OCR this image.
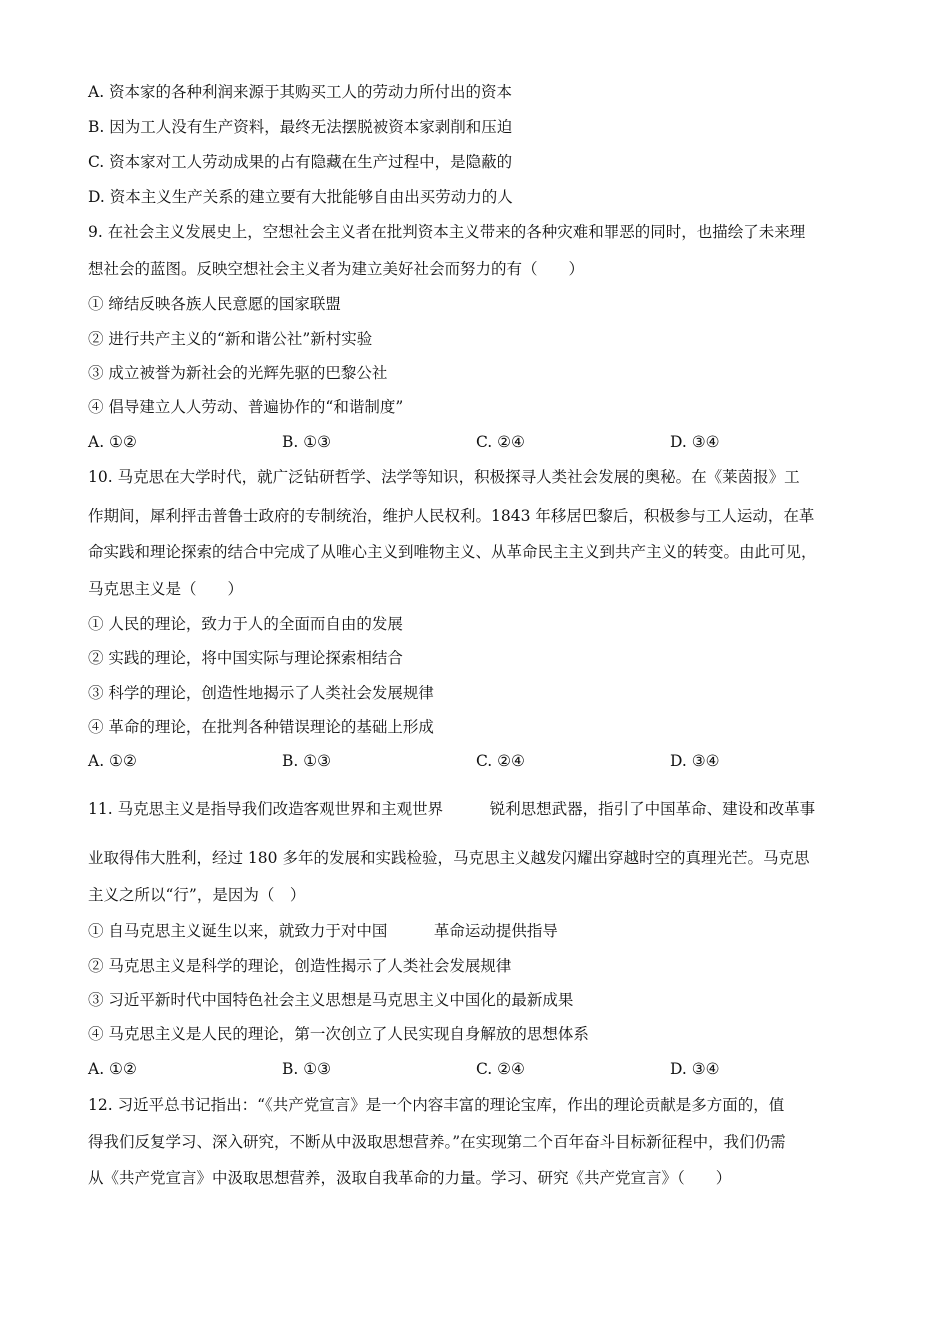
A. 资本家的各种利润来源于其购买工人的劳动力所付出的资本
B. 因为工人没有生产资料，最终无法摆脱被资本家剥削和压迫
C. 资本家对工人劳动成果的占有隐藏在生产过程中，是隐蔽的
D. 资本主义生产关系的建立要有大批能够自由出买劳动力的人
9. 在社会主义发展史上，空想社会主义者在批判资本主义带来的各种灾难和罪恶的同时，也描绘了未来理
想社会的蓝图。反映空想社会主义者为建立美好社会而努力的有（　　）
① 缔结反映各族人民意愿的国家联盟
② 进行共产主义的“新和谐公社”新村实验
③ 成立被誉为新社会的光辉先驱的巴黎公社
④ 倡导建立人人劳动、普遍协作的“和谐制度”
A. ①②	B. ①③	C. ②④	D. ③④
10. 马克思在大学时代，就广泛钻研哲学、法学等知识，积极探寻人类社会发展的奥秘。在《莱茵报》工
作期间，犀利抨击普鲁士政府的专制统治，维护人民权利。1843 年移居巴黎后，积极参与工人运动，在革
命实践和理论探索的结合中完成了从唯心主义到唯物主义、从革命民主主义到共产主义的转变。由此可见，
马克思主义是（　　）
① 人民的理论，致力于人的全面而自由的发展
② 实践的理论，将中国实际与理论探索相结合
③ 科学的理论，创造性地揭示了人类社会发展规律
④ 革命的理论，在批判各种错误理论的基础上形成
A. ①②	B. ①③	C. ②④	D. ③④
11. 马克思主义是指导我们改造客观世界和主观世界　　　锐利思想武器，指引了中国革命、建设和改革事
业取得伟大胜利，经过 180 多年的发展和实践检验，马克思主义越发闪耀出穿越时空的真理光芒。马克思
主义之所以“行”，是因为（　）
① 自马克思主义诞生以来，就致力于对中国　　　革命运动提供指导
② 马克思主义是科学的理论，创造性揭示了人类社会发展规律
③ 习近平新时代中国特色社会主义思想是马克思主义中国化的最新成果
④ 马克思主义是人民的理论，第一次创立了人民实现自身解放的思想体系
A. ①②	B. ①③	C. ②④	D. ③④
12. 习近平总书记指出：“《共产党宣言》是一个内容丰富的理论宝库，作出的理论贡献是多方面的，值
得我们反复学习、深入研究，不断从中汲取思想营养。”在实现第二个百年奋斗目标新征程中，我们仍需
从《共产党宣言》中汲取思想营养，汲取自我革命的力量。学习、研究《共产党宣言》（　　）
